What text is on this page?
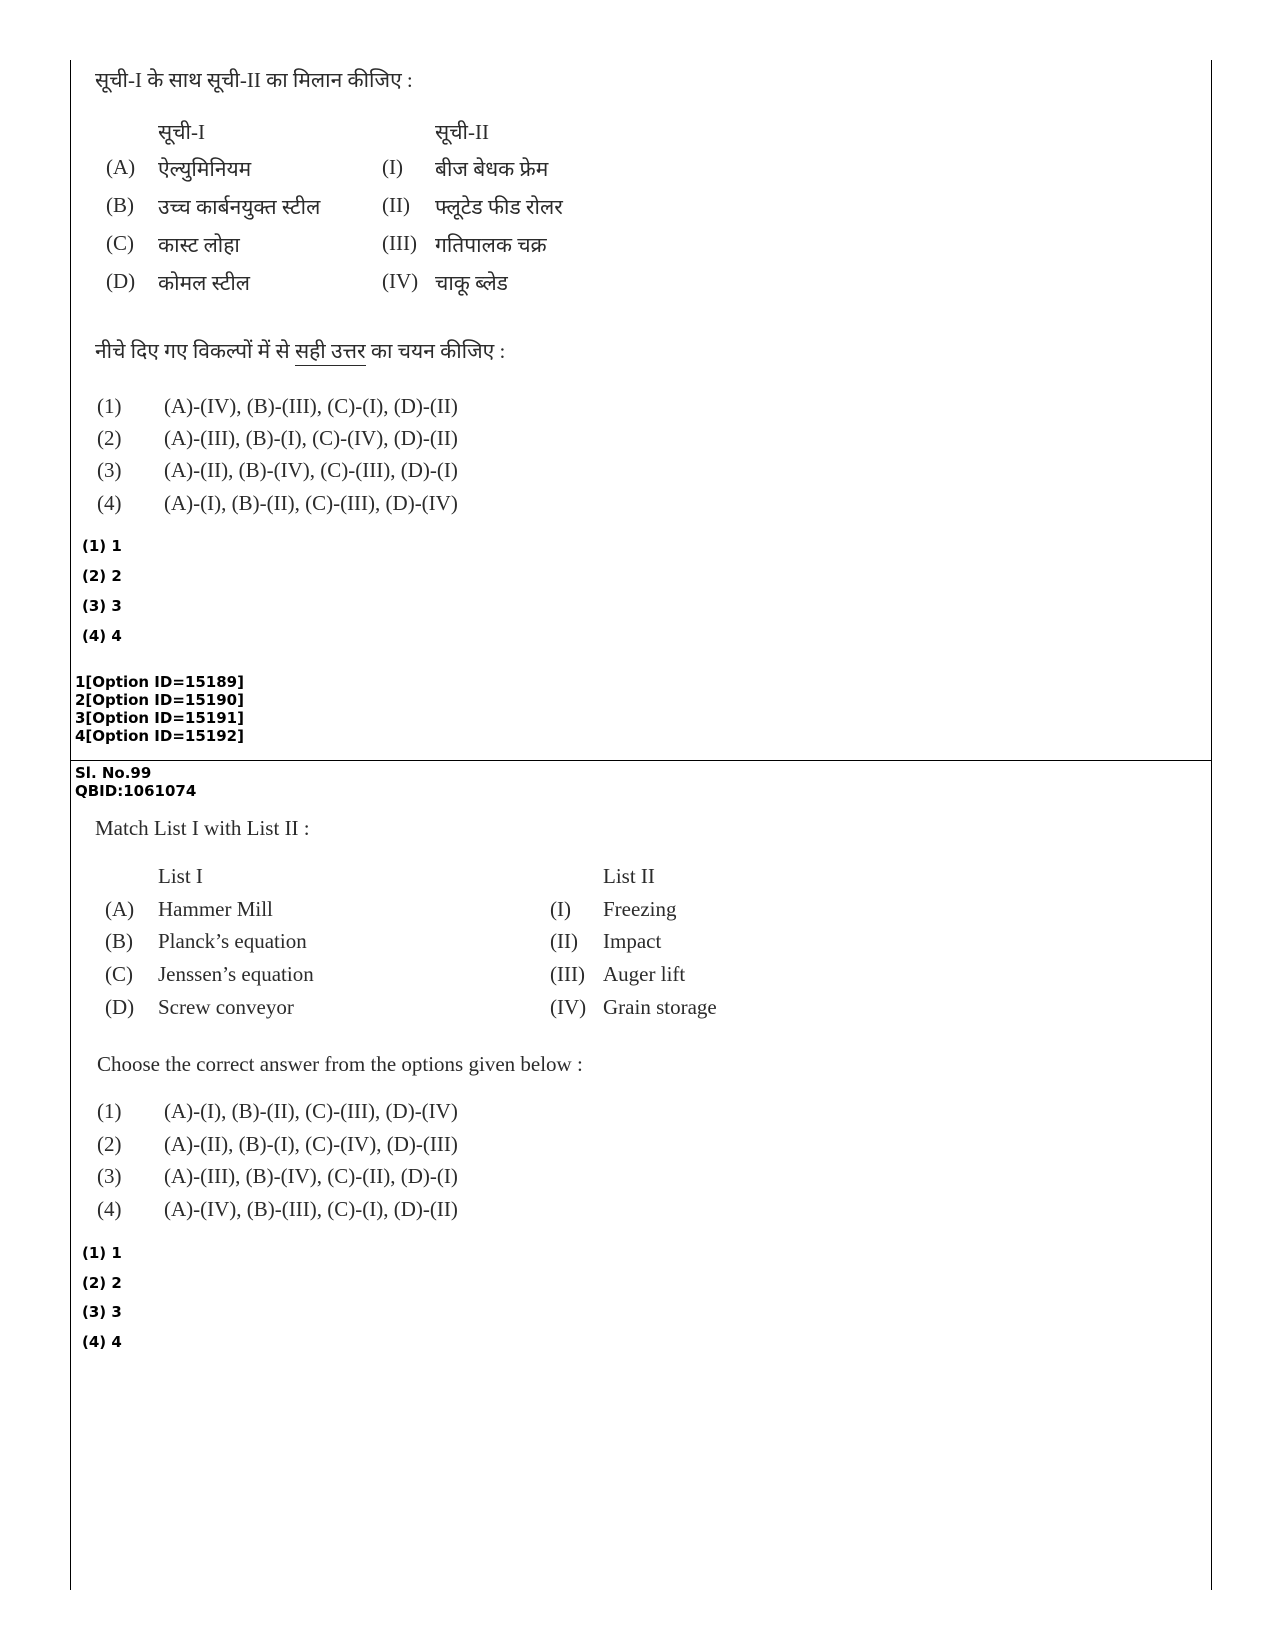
सूची-I के साथ सूची-II का मिलान कीजिए :
सूची-I	सूची-II
(A) ऐल्युमिनियम
(B) उच्च कार्बनयुक्त स्टील
(C) कास्ट लोहा
(D) कोमल स्टील
(I) बीज बेधक फ्रेम
(II) फ्लूटेड फीड रोलर
(III) गतिपालक चक्र
(IV) चाकू ब्लेड
नीचे दिए गए विकल्पों में से सही उत्तर का चयन कीजिए :
(1) (A)-(IV), (B)-(III), (C)-(I), (D)-(II)
(2) (A)-(III), (B)-(I), (C)-(IV), (D)-(II)
(3) (A)-(II), (B)-(IV), (C)-(III), (D)-(I)
(4) (A)-(I), (B)-(II), (C)-(III), (D)-(IV)
(1) 1
(2) 2
(3) 3
(4) 4
1[Option ID=15189]
2[Option ID=15190]
3[Option ID=15191]
4[Option ID=15192]
Sl. No.99
QBID:1061074
Match List I with List II :
List I	List II
(A) Hammer Mill
(B) Planck’s equation
(C) Jenssen’s equation
(D) Screw conveyor
(I) Freezing
(II) Impact
(III) Auger lift
(IV) Grain storage
Choose the correct answer from the options given below :
(1) (A)-(I), (B)-(II), (C)-(III), (D)-(IV)
(2) (A)-(II), (B)-(I), (C)-(IV), (D)-(III)
(3) (A)-(III), (B)-(IV), (C)-(II), (D)-(I)
(4) (A)-(IV), (B)-(III), (C)-(I), (D)-(II)
(1) 1
(2) 2
(3) 3
(4) 4
